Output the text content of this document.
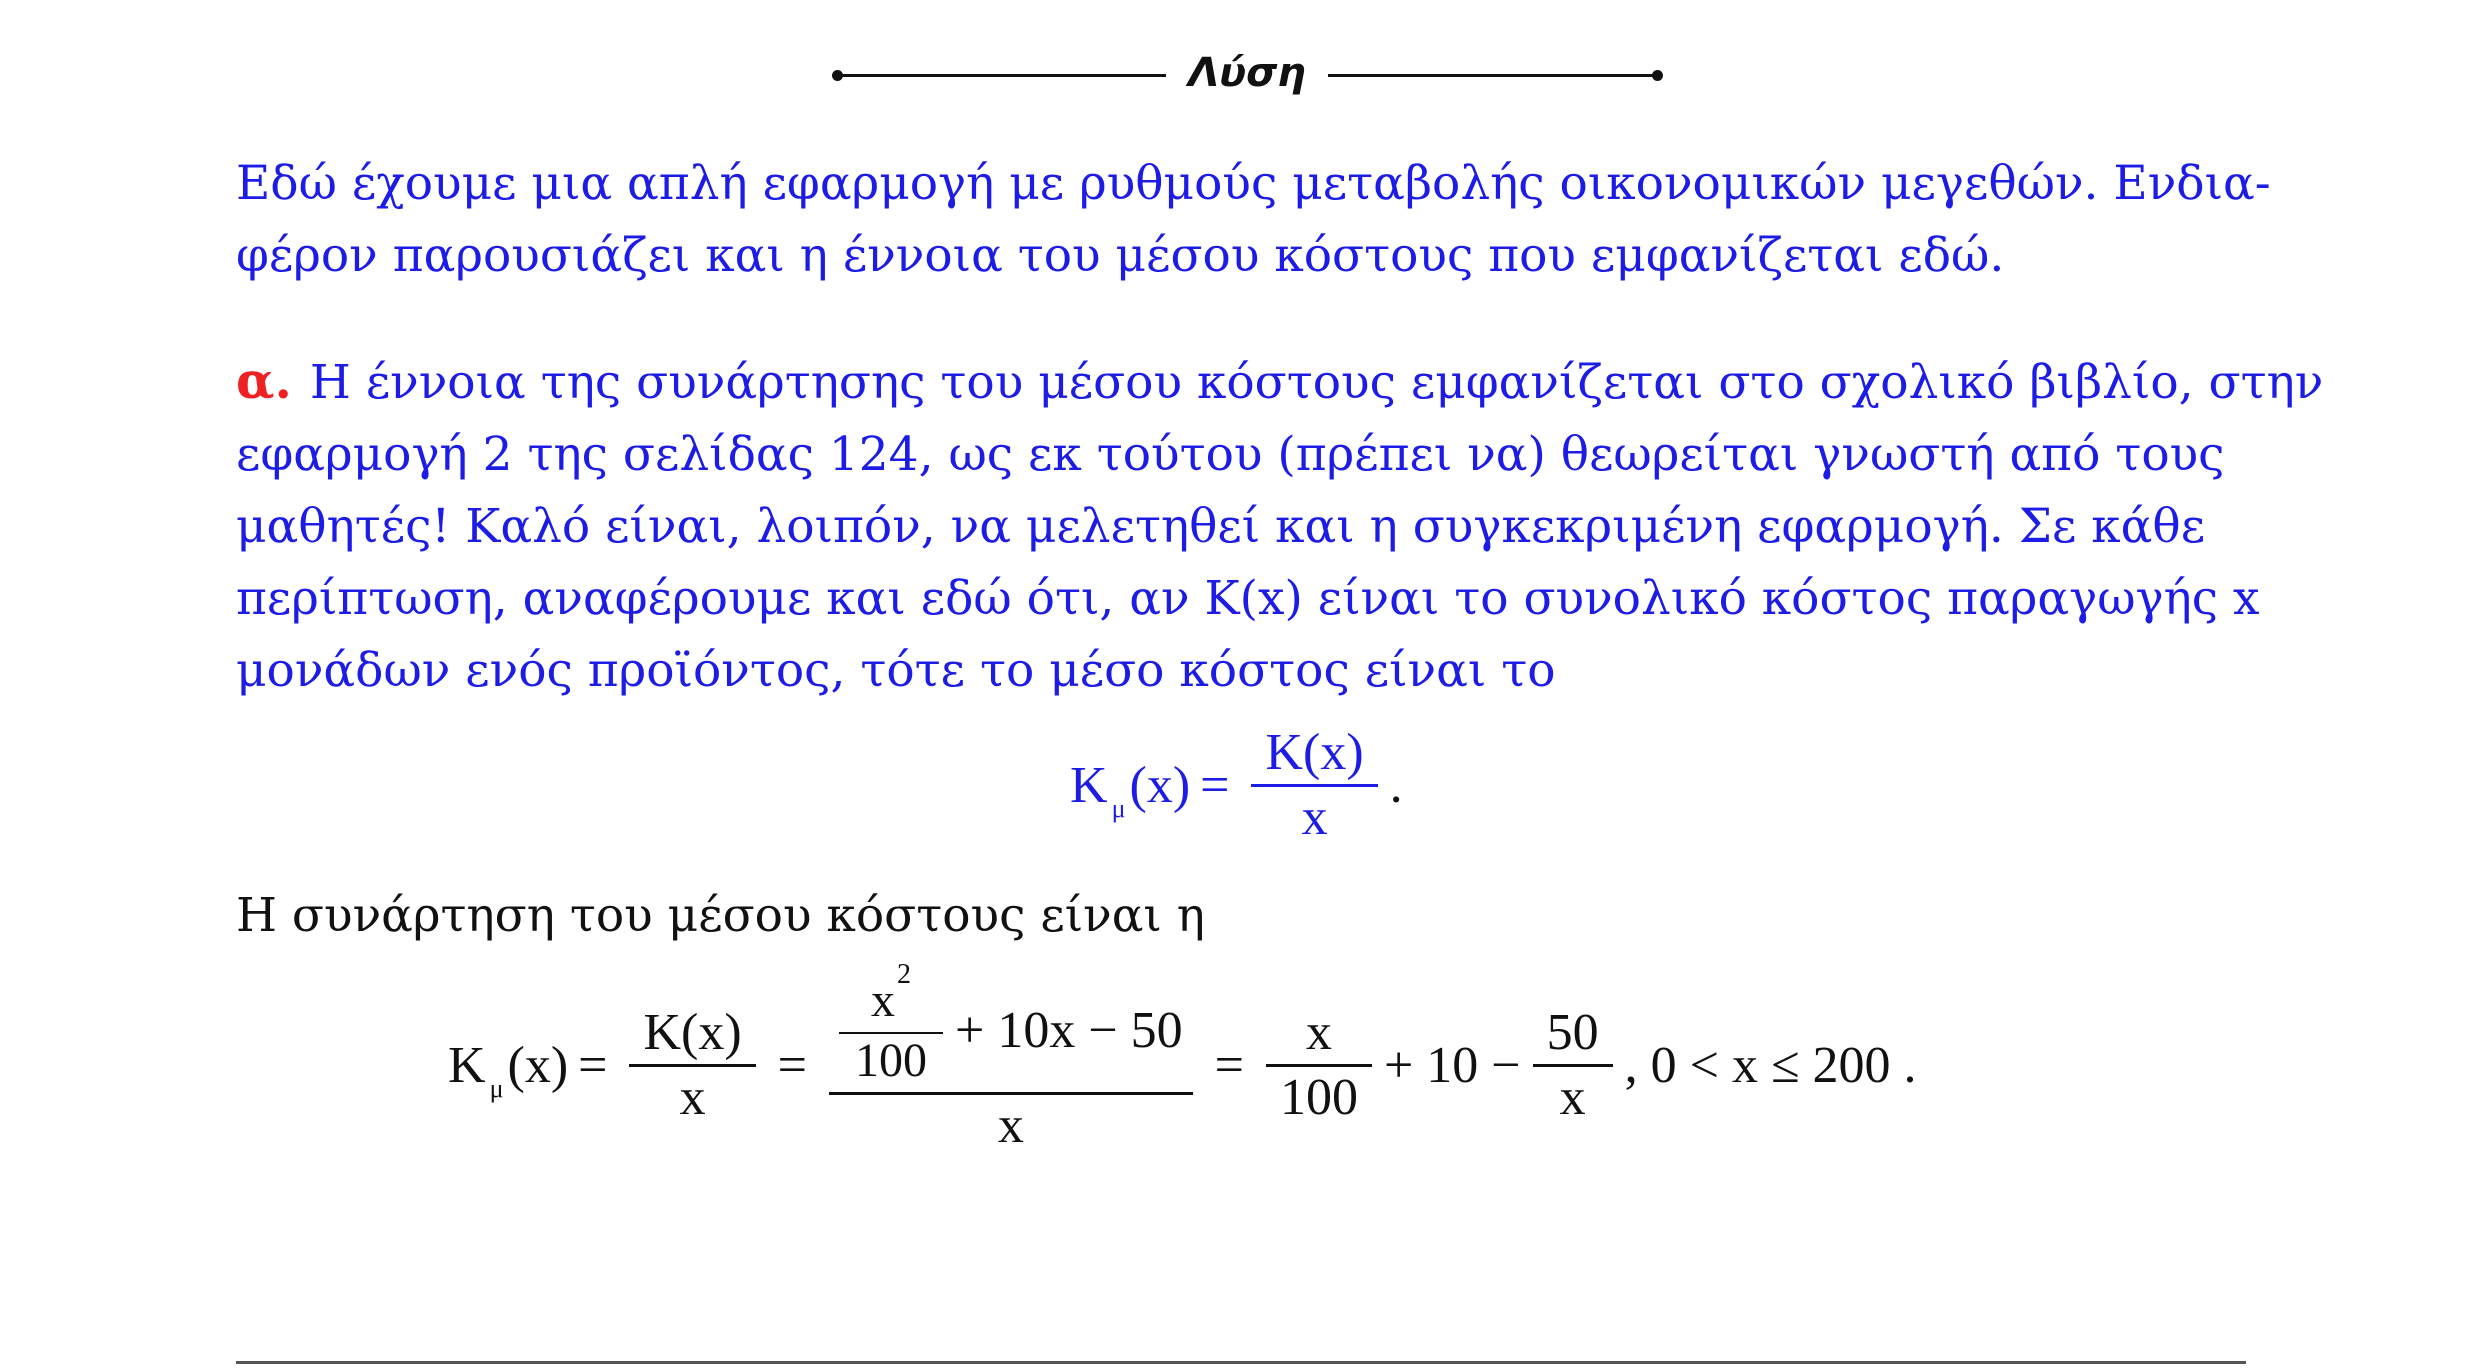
Λύση
Εδώ έχουμε μια απλή εφαρμογή με ρυθμούς μεταβολής οικονομικών μεγεθών. Ενδια-
φέρον παρουσιάζει και η έννοια του μέσου κόστους που εμφανίζεται εδώ.
α. Η έννοια της συνάρτησης του μέσου κόστους εμφανίζεται στο σχολικό βιβλίο, στην
εφαρμογή 2 της σελίδας 124, ως εκ τούτου (πρέπει να) θεωρείται γνωστή από τους
μαθητές! Καλό είναι, λοιπόν, να μελετηθεί και η συγκεκριμένη εφαρμογή. Σε κάθε
περίπτωση, αναφέρουμε και εδώ ότι, αν Κ(x) είναι το συνολικό κόστος παραγωγής x
μονάδων ενός προϊόντος, τότε το μέσο κόστος είναι το
Κ μ $(x) = \frac{K(x)}{x}$ .
Η συνάρτηση του μέσου κόστους είναι η
Κ μ $(x) = \frac{K(x)}{x} = \frac{\frac{x 2}{100} + 10x - 50}{x} = \frac{x}{100} + 10 - \frac{50}{x}$ , 0 < x ≤ 200 .
